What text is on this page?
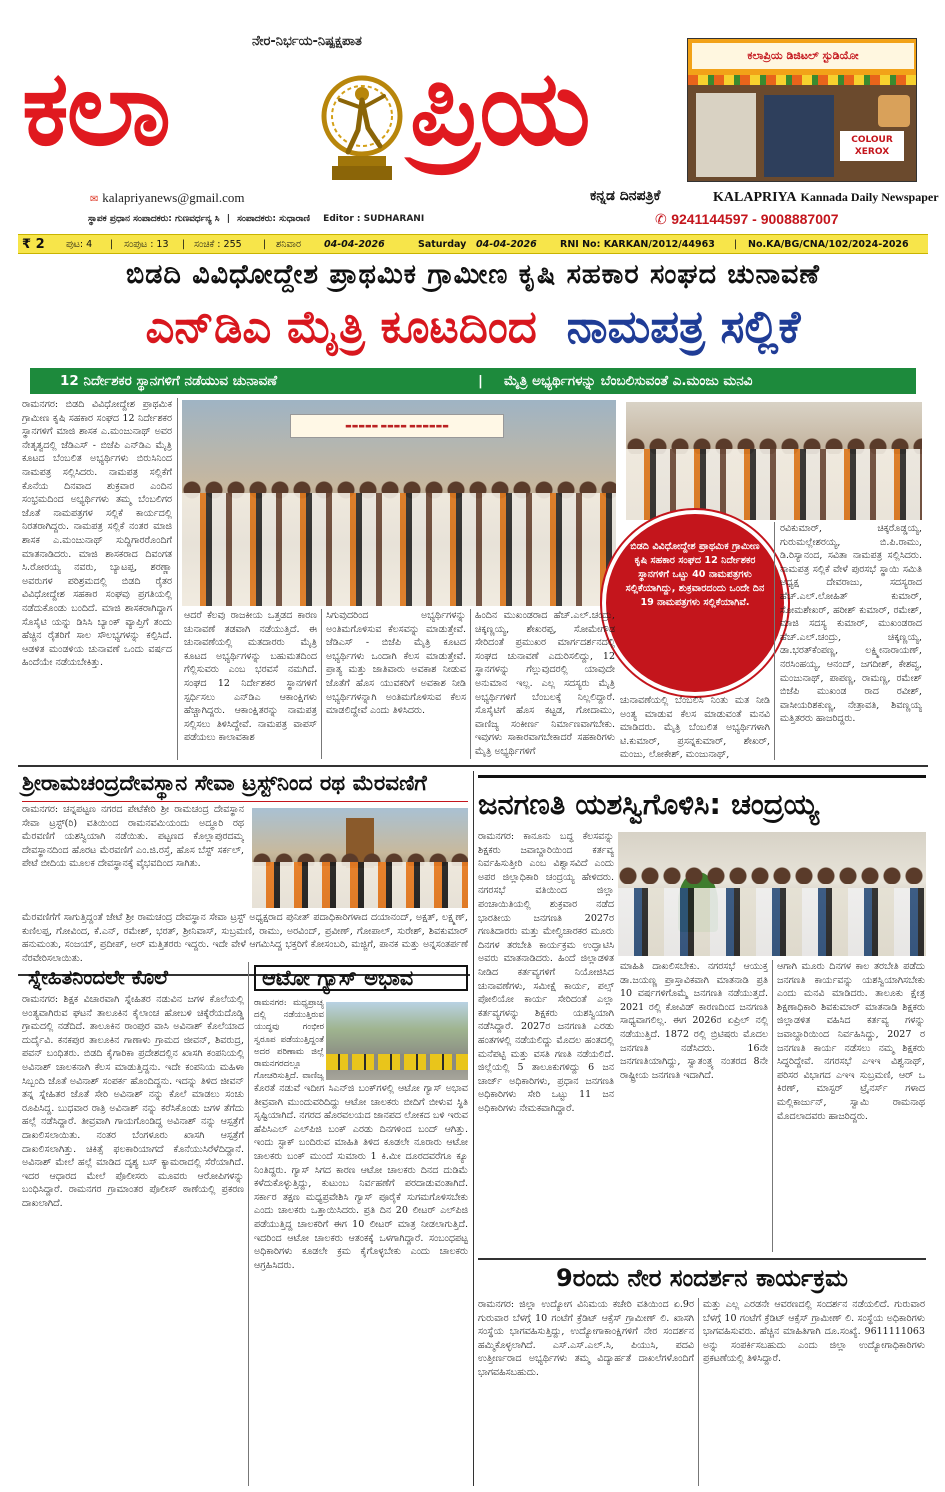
ನೇರ-ನಿರ್ಭಯ-ನಿಷ್ಪಕ್ಷಪಾತ
ಕಲಾ ಪ್ರಿಯ	ಕಲಾಪ್ರಿಯ ಡಿಜಿಟಲ್ ಸ್ಟುಡಿಯೋ
COLOUR XEROX
✉ kalapriyanews@gmail.com	ಕನ್ನಡ ದಿನಪತ್ರಿಕೆ	KALAPRIYA Kannada Daily Newspaper
ಸ್ಥಾಪಕ ಪ್ರಧಾನ ಸಂಪಾದಕರು: ಗುಣವರ್ಧನ್ಯ ಸಿ | ಸಂಪಾದಕರು: ಸುಧಾರಾಣಿ Editor : SUDHARANI	✆ 9241144597 - 9008887007
₹ 2 ಪುಟ: 4 | ಸಂಪುಟ : 13 | ಸಂಚಿಕೆ : 255 | ಶನಿವಾರ 04-04-2026	Saturday 04-04-2026 RNI No: KARKAN/2012/44963 | No.KA/BG/CNA/102/2024-2026
ಬಿಡದಿ ವಿವಿಧೋದ್ದೇಶ ಪ್ರಾಥಮಿಕ ಗ್ರಾಮೀಣ ಕೃಷಿ ಸಹಕಾರ ಸಂಘದ ಚುನಾವಣೆ
ಎನ್‌ಡಿಎ ಮೈತ್ರಿ ಕೂಟದಿಂದ ನಾಮಪತ್ರ ಸಲ್ಲಿಕೆ
12 ನಿರ್ದೇಶಕರ ಸ್ಥಾನಗಳಿಗೆ ನಡೆಯುವ ಚುನಾವಣೆ	| ಮೈತ್ರಿ ಅಭ್ಯರ್ಥಿಗಳನ್ನು ಬೆಂಬಲಿಸುವಂತೆ ಎ.ಮಂಜು ಮನವಿ
ರಾಮನಗರ: ಬಿಡದಿ ವಿವಿಧೋದ್ದೇಶ ಪ್ರಾಥಮಿಕ ಗ್ರಾಮೀಣ ಕೃಷಿ ಸಹಕಾರ ಸಂಘದ 12 ನಿರ್ದೇಶಕರ ಸ್ಥಾನಗಳಿಗೆ ಮಾಜಿ ಶಾಸಕ ಎ.ಮಂಜುನಾಥ್ ಅವರ ನೇತೃತ್ವದಲ್ಲಿ ಜೆಡಿಎಸ್ - ಬಿಜೆಪಿ ಎನ್‌ಡಿಎ ಮೈತ್ರಿ ಕೂಟದ ಬೆಂಬಲಿತ ಅಭ್ಯರ್ಥಿಗಳು ಬಿರುಸಿನಿಂದ ನಾಮಪತ್ರ ಸಲ್ಲಿಸಿದರು. ನಾಮಪತ್ರ ಸಲ್ಲಿಕೆಗೆ ಕೊನೆಯ ದಿನವಾದ ಶುಕ್ರವಾರ ಎಂದಿನ ಸಂಭ್ರಮದಿಂದ ಅಭ್ಯರ್ಥಿಗಳು ತಮ್ಮ ಬೆಂಬಲಿಗರ ಜೊತೆ ನಾಮಪತ್ರಗಳ ಸಲ್ಲಿಕೆ ಕಾರ್ಯದಲ್ಲಿ ನಿರತರಾಗಿದ್ದರು. ನಾಮಪತ್ರ ಸಲ್ಲಿಕೆ ನಂತರ ಮಾಜಿ ಶಾಸಕ ಎ.ಮಂಜುನಾಥ್ ಸುದ್ದಿಗಾರರೊಂದಿಗೆ ಮಾತನಾಡಿದರು. ಮಾಜಿ ಶಾಸಕರಾದ ದಿವಂಗತ ಸಿ.ರೋರಯ್ಯ ನವರು, ಬ್ಯಾಟಪ್ಪ, ಶರಣ್ಣಾ ಅವರುಗಳ ಪರಿಶ್ರಮದಲ್ಲಿ ಬಿಡದಿ ರೈತರ ವಿವಿಧೋದ್ದೇಶ ಸಹಕಾರ ಸಂಘವು ಪ್ರಗತಿಯಲ್ಲಿ ನಡೆದುಕೊಂಡು ಬಂದಿದೆ. ಮಾಜಿ ಶಾಸಕರಾಗಿದ್ದಾಗ ಸೊಸೈಟಿ ಯನ್ನು ಡಿಸಿಸಿ ಬ್ಯಾಂಕ್ ವ್ಯಾಪ್ತಿಗೆ ತಂದು ಹೆಚ್ಚಿನ ರೈತರಿಗೆ ಸಾಲ ಸೌಲಭ್ಯಗಳನ್ನು ಕಲ್ಪಿಸಿದೆ. ಆಡಳಿತ ಮಂಡಳಿಯ ಚುನಾವಣೆ ಒಂದು ವರ್ಷದ ಹಿಂದೆಯೇ ನಡೆಯಬೇಕಿತ್ತು.
▬▬▬▬▬ ▬▬▬▬ ▬▬▬▬▬▬
ಬಿಡದಿ ವಿವಿಧೋದ್ದೇಶ ಪ್ರಾಥಮಿಕ ಗ್ರಾಮೀಣ ಕೃಷಿ ಸಹಕಾರ ಸಂಘದ 12 ನಿರ್ದೇಶಕರ ಸ್ಥಾನಗಳಿಗೆ ಒಟ್ಟು 40 ನಾಮಪತ್ರಗಳು ಸಲ್ಲಿಕೆಯಾಗಿದ್ದು, ಶುಕ್ರವಾರದಂದು ಒಂದೇ ದಿನ 19 ನಾಮಪತ್ರಗಳು ಸಲ್ಲಿಕೆಯಾಗಿವೆ.
ಆದರೆ ಕೆಲವು ರಾಜಕೀಯ ಒತ್ತಡದ ಕಾರಣ ಚುನಾವಣೆ ತಡವಾಗಿ ನಡೆಯುತ್ತಿದೆ. ಈ ಚುನಾವಣೆಯಲ್ಲಿ ಮತದಾರರು ಮೈತ್ರಿ ಕೂಟದ ಅಭ್ಯರ್ಥಿಗಳನ್ನು ಬಹುಮತದಿಂದ ಗೆಲ್ಲಿಸುವರು ಎಂಬ ಭರವಸೆ ನಮಗಿದೆ. ಸಂಘದ 12 ನಿರ್ದೇಶಕರ ಸ್ಥಾನಗಳಿಗೆ ಸ್ಪರ್ಧಿಸಲು ಎನ್‌ಡಿಎ ಆಕಾಂಕ್ಷಿಗಳು ಹೆಚ್ಚಾಗಿದ್ದರು. ಆಕಾಂಕ್ಷಿತರನ್ನು ನಾಮಪತ್ರ ಸಲ್ಲಿಸಲು ತಿಳಿಸಿದ್ದೇವೆ. ನಾಮಪತ್ರ ವಾಪಸ್ ಪಡೆಯಲು ಕಾಲಾವಕಾಶ
ಸಿಗುವುದರಿಂದ ಅಭ್ಯರ್ಥಿಗಳನ್ನು ಅಂತಿಮಗೊಳಿಸುವ ಕೆಲಸವನ್ನು ಮಾಡುತ್ತೇವೆ. ಜೆಡಿಎಸ್ - ಬಿಜೆಪಿ ಮೈತ್ರಿ ಕೂಟದ ಅಭ್ಯರ್ಥಿಗಳು ಒಂದಾಗಿ ಕೆಲಸ ಮಾಡುತ್ತೇವೆ. ಪ್ರಾತ್ಯ ಮತ್ತು ಜಾತಿವಾರು ಅವಕಾಶ ನೀಡುವ ಜೊತೆಗೆ ಹೊಸ ಯುವಕರಿಗೆ ಅವಕಾಶ ನೀಡಿ ಅಭ್ಯರ್ಥಿಗಳನ್ನಾಗಿ ಅಂತಿಮಗೊಳಿಸುವ ಕೆಲಸ ಮಾಡಲಿದ್ದೇವೆ ಎಂದು ತಿಳಿಸಿದರು.
ಹಿಂದಿನ ಮುಖಂಡರಾದ ಹೆಚ್.ಎಲ್.ಚಂದ್ರು, ಚಿಕ್ಕಣ್ಣಯ್ಯ, ಶೇಖರಪ್ಪ, ಸೋಮೇಗೌಡ ಸೇರಿದಂತೆ ಪ್ರಮುಖರ ಮಾರ್ಗದರ್ಶನದಲ್ಲಿ ಸಂಘದ ಚುನಾವಣೆ ಎದುರಿಸಲಿದ್ದು, 12 ಸ್ಥಾನಗಳನ್ನು ಗೆಲ್ಲುವುದರಲ್ಲಿ ಯಾವುದೇ ಅನುಮಾನ ಇಲ್ಲ. ಎಲ್ಲ ಸದಸ್ಯರು ಮೈತ್ರಿ ಅಭ್ಯರ್ಥಿಗಳಿಗೆ ಬೆಂಬಲಕ್ಕೆ ನಿಲ್ಲಲಿದ್ದಾರೆ. ಸೊಸೈಟಿಗೆ ಹೊಸ ಕಟ್ಟಡ, ಗೋದಾಮು, ವಾಣಿಜ್ಯ ಸಂಕೀರ್ಣ ನಿರ್ಮಾಣವಾಗಬೇಕು. ಇವುಗಳು ಸಾಕಾರವಾಗಬೇಕಾದರೆ ಸಹಕಾರಿಗಳು ಮೈತ್ರಿ ಅಭ್ಯರ್ಥಿಗಳಿಗೆ
ಚುನಾವಣೆಯಲ್ಲಿ ಬೆಂಬಲಿಸಿ ನಿಂತು ಮತ ನೀಡಿ ಅಂತ್ಯ ಮಾಡುವ ಕೆಲಸ ಮಾಡುವಂತೆ ಮನವಿ ಮಾಡಿದರು. ಮೈತ್ರಿ ಬೆಂಬಲಿತ ಅಭ್ಯರ್ಥಿಗಳಾಗಿ ಟಿ.ಕುಮಾರ್, ಪ್ರಸನ್ನಕುಮಾರ್, ಶೇಖರ್, ಮಂಜು, ಲೋಕೇಶ್, ಮಂಜುನಾಥ್,
ರವಿಕುಮಾರ್, ಚಿಕ್ಕರೊಡ್ಡಯ್ಯ, ಗುರುಮಲ್ಲೇಶರಯ್ಯ, ಬಿ.ಪಿ.ರಾಮು, ಡಿ.ರಿಸ್ಯಾನಂದ, ಸವಿತಾ ನಾಮಪತ್ರ ಸಲ್ಲಿಸಿದರು. ನಾಮಪತ್ರ ಸಲ್ಲಿಕೆ ವೇಳೆ ಪುರಸಭೆ ಸ್ಥಾಯಿ ಸಮಿತಿ ಅಧ್ಯಕ್ಷ ದೇವರಾಜು, ಸದಸ್ಯರಾದ ಹೆಚ್.ಎಲ್.ಲೋಹಿತ್ ಕುಮಾರ್, ಸೋಮಶೇಖರ್, ಹರೀಶ್ ಕುಮಾರ್, ರಮೇಶ್, ಮಾಜಿ ಸದಸ್ಯ ಕುಮಾರ್, ಮುಖಂಡರಾದ ಹೆಚ್.ಎಲ್.ಚಂದ್ರು, ಚಿಕ್ಕಣ್ಣಯ್ಯ, ಡಾ.ಭರತ್‌ಕೆಂಪಣ್ಣ, ಲಕ್ಷ್ಮೀನಾರಾಯಣ್, ನರಸಿಂಹಯ್ಯ, ಆನಂದ್, ಜಗದೀಶ್, ಕೇಶವ್ವ, ಮಂಜುನಾಥ್, ಪಾಪಣ್ಣ, ರಾಮಣ್ಣ, ರಮೇಶ್ ಬಿಜೆಪಿ ಮುಖಂಡ ರಾದ ರವೀಶ್, ವಾಸೀಯರಿಶಕುಣ್ಣ, ನೇತ್ರಾವತಿ, ಶಿವಣ್ಣಯ್ಯ ಮತ್ತಿತರರು ಹಾಜರಿದ್ದರು.
ಶ್ರೀರಾಮಚಂದ್ರದೇವಸ್ಥಾನ ಸೇವಾ ಟ್ರಸ್ಟ್‌ನಿಂದ ರಥ ಮೆರವಣಿಗೆ
ರಾಮನಗರ: ಚನ್ನಪಟ್ಟಣ ನಗರದ ಪೇಟೆಕೇರಿ ಶ್ರೀ ರಾಮಚಂದ್ರ ದೇವಸ್ಥಾನ ಸೇವಾ ಟ್ರಸ್ಟ್(ರಿ) ವತಿಯಿಂದ ರಾಮನವಮಿಯಂದು ಅದ್ಧೂರಿ ರಥ ಮೆರವಣಿಗೆ ಯಶಸ್ವಿಯಾಗಿ ನಡೆಯಿತು. ಪಟ್ಟಣದ ಕೊಲ್ಲಾಪುರದಮ್ಮ ದೇವಸ್ಥಾನದಿಂದ ಹೊರಟ ಮೆರವಣಿಗೆ ಎಂ.ಜಿ.ರಸ್ತೆ, ಹೊಸ ಬೆಸ್ಟ್ ಸರ್ಕಲ್, ಪೇಟೆ ಬೀದಿಯ ಮೂಲಕ ದೇವಸ್ಥಾನಕ್ಕೆ ವೈಭವದಿಂದ ಸಾಗಿತು.
ಮೆರವಣಿಗೆಗೆ ಸಾಗುತ್ತಿದ್ದಂತೆ ಜೇಟೆ ಶ್ರೀ ರಾಮಚಂದ್ರ ದೇವಸ್ಥಾನ ಸೇವಾ ಟ್ರಸ್ಟ್ ಅಧ್ಯಕ್ಷರಾದ ಪುನೀತ್ ಪದಾಧಿಕಾರಿಗಳಾದ ದಯಾನಂದ್, ಅಕ್ಷತ್, ಲಕ್ಷ್ಮಣ್, ಕುಣಿಲಪ್ಪ, ಗೋವಿಂದ, ಕೆ.ಎನ್, ರಮೇಶ್, ಭರತ್, ಶ್ರೀನಿವಾಸ್, ಸುಬ್ರಮಣಿ, ರಾಮು, ಅರವಿಂದ್, ಪ್ರವೀಣ್, ಗೋಪಾಲ್, ಸುರೇಶ್, ಶಿವಕುಮಾರ್ ಹನುಮಂತು, ಸಂಜಯ್, ಪ್ರದೀಪ್, ಅರ್ ಮತ್ತಿತರರು ಇದ್ದರು. ಇದೇ ವೇಳೆ ಆಗಮಿಸಿದ್ದ ಭಕ್ತರಿಗೆ ಕೋಸಂಬರಿ, ಮಜ್ಜಿಗೆ, ಪಾನಕ ಮತ್ತು ಅನ್ನಸಂತರ್ಪಣೆ ನೆರವೇರಿಸಲಾಯಿತು.
ಜನಗಣತಿ ಯಶಸ್ವಿಗೊಳಿಸಿ: ಚಂದ್ರಯ್ಯ
ರಾಮನಗರ: ಕಾನೂನು ಬದ್ಧ ಕೆಲಸವನ್ನು ಶಿಕ್ಷಕರು ಜವಾಬ್ದಾರಿಯಿಂದ ಕರ್ತವ್ಯ ನಿರ್ವಹಿಸುತ್ತೀರಿ ಎಂಬ ವಿಶ್ವಾಸವಿದೆ ಎಂದು ಅಪರ ಜಿಲ್ಲಾಧಿಕಾರಿ ಚಂದ್ರಯ್ಯ ಹೇಳಿದರು. ನಗರಸಭೆ ವತಿಯಿಂದ ಜಿಲ್ಲಾ ಪಂಚಾಯಿತಿಯಲ್ಲಿ ಶುಕ್ರವಾರ ನಡೆದ ಭಾರತೀಯ ಜನಗಣತಿ 2027ರ ಗಣತಿದಾರರು ಮತ್ತು ಮೇಲ್ವಿಚಾರಕರ ಮೂರು ದಿನಗಳ ತರಬೇತಿ ಕಾರ್ಯಕ್ರಮ ಉದ್ಘಾಟಿಸಿ ಅವರು ಮಾತನಾಡಿದರು. ಹಿಂದೆ ಜಿಲ್ಲಾಡಳಿತ ನೀಡಿದ ಕರ್ತವ್ಯಗಳಿಗೆ ನಿಯೋಜಿಸಿದ ಚುನಾವಣೆಗಳು, ಸಮೀಕ್ಷೆ ಕಾರ್ಯ, ಪಲ್ಸ್ ಪೋಲಿಯೋ ಕಾರ್ಯ ಸೇರಿದಂತೆ ಎಲ್ಲಾ ಕರ್ತವ್ಯಗಳನ್ನು ಶಿಕ್ಷಕರು ಯಶಸ್ವಿಯಾಗಿ ನಡೆಸಿದ್ದಾರೆ. 2027ರ ಜನಗಣತಿ ಎರಡು ಹಂತಗಳಲ್ಲಿ ನಡೆಯಲಿದ್ದು ಮೊದಲ ಹಂತದಲ್ಲಿ ಮನೆಪಟ್ಟಿ ಮತ್ತು ವಸತಿ ಗಣತಿ ನಡೆಯಲಿದೆ. ಜಿಲ್ಲೆಯಲ್ಲಿ 5 ತಾಲೂಕುಗಳಿದ್ದು 6 ಜನ ಚಾರ್ಜ್ ಅಧಿಕಾರಿಗಳು, ಪ್ರಧಾನ ಜನಗಣತಿ ಅಧಿಕಾರಿಗಳು ಸೇರಿ ಒಟ್ಟು 11 ಜನ ಅಧಿಕಾರಿಗಳು ನೇಮಕವಾಗಿದ್ದಾರೆ.
ಮಾಹಿತಿ ದಾಖಲಿಸಬೇಕು. ನಗರಸಭೆ ಆಯುಕ್ತ ಡಾ.ಜಯಣ್ಣ ಪ್ರಾಸ್ತಾವಿಕವಾಗಿ ಮಾತನಾಡಿ ಪ್ರತಿ 10 ವರ್ಷಗಳಿಗೊಮ್ಮೆ ಜನಗಣತಿ ನಡೆಯುತ್ತದೆ. 2021 ರಲ್ಲಿ ಕೋವಿಡ್ ಕಾರಣದಿಂದ ಜನಗಣತಿ ಸಾಧ್ಯವಾಗಲಿಲ್ಲ. ಈಗ 2026ರ ಏಪ್ರಿಲ್ ನಲ್ಲಿ ನಡೆಯುತ್ತಿದೆ. 1872 ರಲ್ಲಿ ಬ್ರಿಟಿಷರು ಮೊದಲ ಜನಗಣತಿ ನಡೆಸಿದರು. 16ನೇ ಜನಗಣತಿಯಾಗಿದ್ದು, ಸ್ವಾತಂತ್ರ್ಯ ನಂತರದ 8ನೇ ರಾಷ್ಟ್ರೀಯ ಜನಗಣತಿ ಇದಾಗಿದೆ.
ಆಗಾಗಿ ಮೂರು ದಿನಗಳ ಕಾಲ ತರಬೇತಿ ಪಡೆದು ಜನಗಣತಿ ಕಾರ್ಯವನ್ನು ಯಶಸ್ವಿಯಾಗಿಸಬೇಕು ಎಂದು ಮನವಿ ಮಾಡಿದರು. ತಾಲೂಕು ಕ್ಷೇತ್ರ ಶಿಕ್ಷಣಾಧಿಕಾರಿ ಶಿವಕುಮಾರ್ ಮಾತನಾಡಿ ಶಿಕ್ಷಕರು ಜಿಲ್ಲಾಡಳಿತ ವಹಿಸಿದ ಕರ್ತವ್ಯ ಗಳನ್ನು ಜವಾಬ್ದಾರಿಯಿಂದ ನಿರ್ವಹಿಸಿದ್ದು, 2027 ರ ಜನಗಣತಿ ಕಾರ್ಯ ನಡೆಸಲು ನಮ್ಮ ಶಿಕ್ಷಕರು ಸಿದ್ಧರಿದ್ದೇವೆ. ನಗರಸಭೆ ಎಇಇ ವಿಶ್ವನಾಥ್, ಪರಿಸರ ವಿಭಾಗದ ಎಇಇ ಸುಬ್ರಮಣಿ, ಆರ್ ಒ ಕಿರಣ್, ಮಾಸ್ಟರ್ ಟ್ರೈನರ್ಸ್ ಗಳಾದ ಮಲ್ಲಿಕಾರ್ಜುನ್, ಸ್ವಾಮಿ ರಾಮನಾಥ ಮೊದಲಾದವರು ಹಾಜರಿದ್ದರು.
ಸ್ನೇಹಿತನಿಂದಲೇ ಕೊಲೆ
ರಾಮನಗರ: ಶಿಕ್ಷಕ ವಿಚಾರವಾಗಿ ಸ್ನೇಹಿತರ ನಡುವಿನ ಜಗಳ ಕೊಲೆಯಲ್ಲಿ ಅಂತ್ಯವಾಗಿರುವ ಘಟನೆ ತಾಲೂಕಿನ ಕೈಲಾಂಚ ಹೋಬಳಿ ಚಿಕ್ಕೆರೆಯದೊಡ್ಡಿ ಗ್ರಾಮದಲ್ಲಿ ನಡೆದಿದೆ. ತಾಲೂಕಿನ ರಾಂಪುರ ವಾಸಿ ಅವಿನಾಶ್ ಕೊಲೆಯಾದ ದುರ್ದೈವಿ. ಕನಕಪುರ ತಾಲೂಕಿನ ಗಾಣಾಳು ಗ್ರಾಮದ ಜೀವನ್, ಶಿವರುದ್ರ, ಪವನ್ ಬಂಧಿತರು. ಬಿಡದಿ ಕೈಗಾರಿಕಾ ಪ್ರದೇಶದಲ್ಲಿನ ಖಾಸಗಿ ಕಂಪನಿಯಲ್ಲಿ ಅವಿನಾಶ್ ಚಾಲಕನಾಗಿ ಕೆಲಸ ಮಾಡುತ್ತಿದ್ದನು. ಇದೇ ಕಂಪನಿಯ ಮಹಿಳಾ ಸಿಬ್ಬಂದಿ ಜೊತೆ ಅವಿನಾಶ್ ಸಂಪರ್ಕ ಹೊಂದಿದ್ದನು. ಇದನ್ನು ತಿಳಿದ ಜೀವನ್ ತನ್ನ ಸ್ನೇಹಿತರ ಜೊತೆ ಸೇರಿ ಅವಿನಾಶ್ ನನ್ನು ಕೊಲೆ ಮಾಡಲು ಸಂಚು ರೂಪಿಸಿದ್ದ. ಬುಧವಾರ ರಾತ್ರಿ ಅವಿನಾಶ್ ನನ್ನು ಕರೆಸಿಕೊಂಡು ಜಗಳ ತೆಗೆದು ಹಲ್ಲೆ ನಡೆಸಿದ್ದಾರೆ. ತೀವ್ರವಾಗಿ ಗಾಯಗೊಂಡಿದ್ದ ಅವಿನಾಶ್ ನನ್ನು ಆಸ್ಪತ್ರೆಗೆ ದಾಖಲಿಸಲಾಯಿತು. ನಂತರ ಬೆಂಗಳೂರು ಖಾಸಗಿ ಆಸ್ಪತ್ರೆಗೆ ದಾಖಲಿಸಲಾಗಿತ್ತು. ಚಿಕಿತ್ಸೆ ಫಲಕಾರಿಯಾಗದೆ ಕೊನೆಯುಸಿರೆಳೆದಿದ್ದಾನೆ. ಅವಿನಾಶ್ ಮೇಲೆ ಹಲ್ಲೆ ಮಾಡಿದ ದೃಶ್ಯ ಬಸ್ ಕ್ಯಾಮರಾದಲ್ಲಿ ಸೆರೆಯಾಗಿದೆ. ಇದರ ಆಧಾರದ ಮೇಲೆ ಪೊಲೀಸರು ಮೂವರು ಆರೋಪಿಗಳನ್ನು ಬಂಧಿಸಿದ್ದಾರೆ. ರಾಮನಗರ ಗ್ರಾಮಾಂತರ ಪೊಲೀಸ್ ಠಾಣೆಯಲ್ಲಿ ಪ್ರಕರಣ ದಾಖಲಾಗಿದೆ.
ಆಟೋ ಗ್ಯಾಸ್ ಅಭಾವ
ರಾಮನಗರ: ಮಧ್ಯಪ್ರಾಚ್ಯ ದಲ್ಲಿ ನಡೆಯುತ್ತಿರುವ ಯುದ್ಧವು ಗಂಭೀರ ಸ್ವರೂಪ ಪಡೆಯುತ್ತಿದ್ದಂತೆ ಅದರ ಪರಿಣಾಮ ಜಿಲ್ಲೆ ರಾಮನಗರದಲ್ಲೂ ಗೋಚರಿಸುತ್ತಿದೆ. ವಾಣಿಜ್ಯ
ಕೊರತೆ ನಡುವೆ ಇದೀಗ ಸಿಎನ್‌ಜಿ ಬಂಕ್‌ಗಳಲ್ಲಿ ಆಟೋ ಗ್ಯಾಸ್ ಅಭಾವ ತೀವ್ರವಾಗಿ ಮುಂದುವರಿದಿದ್ದು ಆಟೋ ಚಾಲಕರು ಬೀದಿಗೆ ಬೀಳುವ ಸ್ಥಿತಿ ಸೃಷ್ಟಿಯಾಗಿದೆ. ನಗರದ ಹೊರವಲಯದ ಜಾನಪದ ಲೋಕದ ಬಳಿ ಇರುವ ಹೆಪಿಸಿಎಲ್ ಎಲ್‌ಪಿಜಿ ಬಂಕ್ ಎರಡು ದಿನಗಳಿಂದ ಬಂದ್ ಆಗಿತ್ತು. ಇಂದು ಸ್ಟಾಕ್ ಬಂದಿರುವ ಮಾಹಿತಿ ತಿಳಿದ ಕೂಡಲೇ ನೂರಾರು ಆಟೋ ಚಾಲಕರು ಬಂಕ್ ಮುಂದೆ ಸುಮಾರು 1 ಕಿ.ಮೀ ದೂರದವರೆಗೂ ಕ್ಯೂ ನಿಂತಿದ್ದರು. ಗ್ಯಾಸ್ ಸಿಗದ ಕಾರಣ ಆಟೋ ಚಾಲಕರು ದಿನದ ದುಡಿಮೆ ಕಳೆದುಕೊಳ್ಳುತ್ತಿದ್ದು, ಕುಟುಂಬ ನಿರ್ವಹಣೆಗೆ ಪರದಾಡುವಂತಾಗಿದೆ. ಸರ್ಕಾರ ತಕ್ಷಣ ಮಧ್ಯಪ್ರವೇಶಿಸಿ ಗ್ಯಾಸ್ ಪೂರೈಕೆ ಸುಗಮಗೊಳಿಸಬೇಕು ಎಂದು ಚಾಲಕರು ಒತ್ತಾಯಿಸಿದರು. ಪ್ರತಿ ದಿನ 20 ಲೀಟರ್ ಎಲ್‌ಪಿಜಿ ಪಡೆಯುತ್ತಿದ್ದ ಚಾಲಕರಿಗೆ ಈಗ 10 ಲೀಟರ್ ಮಾತ್ರ ನೀಡಲಾಗುತ್ತಿದೆ. ಇದರಿಂದ ಆಟೋ ಚಾಲಕರು ಆತಂಕಕ್ಕೆ ಒಳಗಾಗಿದ್ದಾರೆ. ಸಂಬಂಧಪಟ್ಟ ಅಧಿಕಾರಿಗಳು ಕೂಡಲೇ ಕ್ರಮ ಕೈಗೊಳ್ಳಬೇಕು ಎಂದು ಚಾಲಕರು ಆಗ್ರಹಿಸಿದರು.	9ರಂದು ನೇರ ಸಂದರ್ಶನ ಕಾರ್ಯಕ್ರಮ
ರಾಮನಗರ: ಜಿಲ್ಲಾ ಉದ್ಯೋಗ ವಿನಿಮಯ ಕಚೇರಿ ವತಿಯಿಂದ ಏ.9ರ ಗುರುವಾರ ಬೆಳಗ್ಗೆ 10 ಗಂಟೆಗೆ ಕ್ರೆಡಿಟ್ ಆಕ್ಸೆಸ್ ಗ್ರಾಮೀಣ್ ಲಿ. ಖಾಸಗಿ ಸಂಸ್ಥೆಯ ಭಾಗವಹಿಸುತ್ತಿದ್ದು, ಉದ್ಯೋಗಾಕಾಂಕ್ಷಿಗಳಿಗೆ ನೇರ ಸಂದರ್ಶನ ಹಮ್ಮಿಕೊಳ್ಳಲಾಗಿದೆ. ಎಸ್.ಎಸ್.ಎಲ್.ಸಿ, ಪಿಯುಸಿ, ಪದವಿ ಉತ್ತೀರ್ಣರಾದ ಅಭ್ಯರ್ಥಿಗಳು ತಮ್ಮ ವಿದ್ಯಾರ್ಹತೆ ದಾಖಲೆಗಳೊಂದಿಗೆ ಭಾಗವಹಿಸಬಹುದು.
ಮತ್ತು ಎಲ್ಲ ಎರಡನೇ ಆವರಣದಲ್ಲಿ ಸಂದರ್ಶನ ನಡೆಯಲಿದೆ. ಗುರುವಾರ ಬೆಳಗ್ಗೆ 10 ಗಂಟೆಗೆ ಕ್ರೆಡಿಟ್ ಆಕ್ಸೆಸ್ ಗ್ರಾಮೀಣ್ ಲಿ. ಸಂಸ್ಥೆಯ ಅಧಿಕಾರಿಗಳು ಭಾಗವಹಿಸುವರು. ಹೆಚ್ಚಿನ ಮಾಹಿತಿಗಾಗಿ ದೂ.ಸಂಖ್ಯೆ. 9611111063 ಅನ್ನು ಸಂಪರ್ಕಿಸಬಹುದು ಎಂದು ಜಿಲ್ಲಾ ಉದ್ಯೋಗಾಧಿಕಾರಿಗಳು ಪ್ರಕಟಣೆಯಲ್ಲಿ ತಿಳಿಸಿದ್ದಾರೆ.
